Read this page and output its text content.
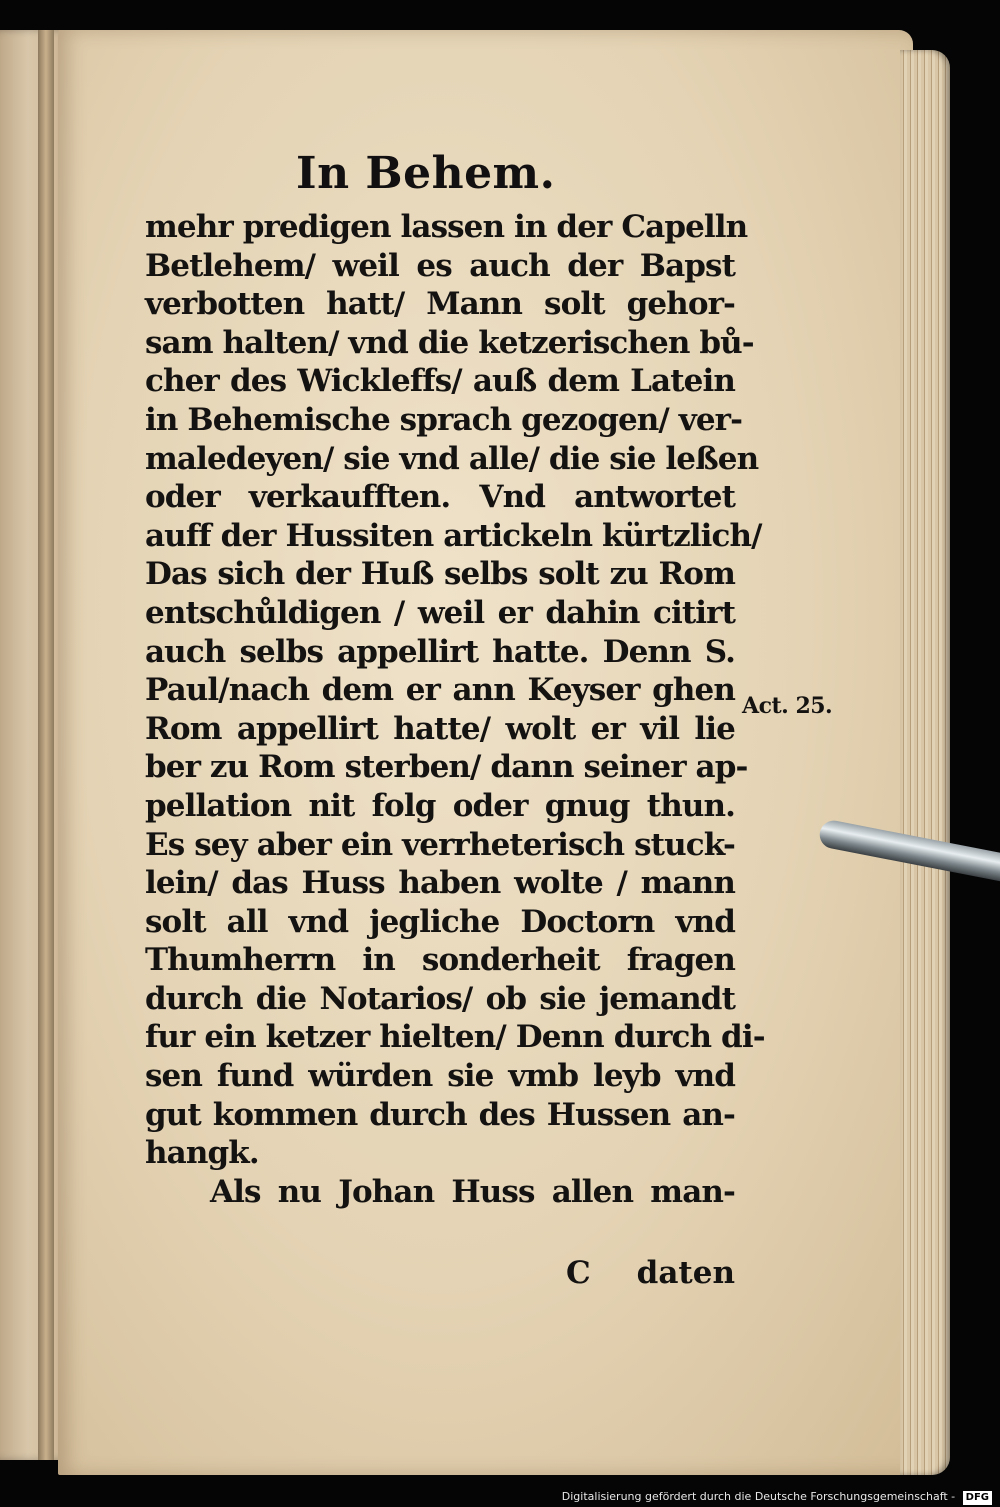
In Behem.
mehr predigen lassen in der Capelln
Betlehem/ weil es auch der Bapst
verbotten hatt/ Mann solt gehor-
sam halten/ vnd die ketzerischen bů-
cher des Wickleffs/ auß dem Latein
in Behemische sprach gezogen/ ver-
maledeyen/ sie vnd alle/ die sie leßen
oder verkaufften. Vnd antwortet
auff der Hussiten artickeln kürtzlich/
Das sich der Huß selbs solt zu Rom
entschůldigen / weil er dahin citirt
auch selbs appellirt hatte. Denn S.
Paul/nach dem er ann Keyser ghen
Rom appellirt hatte/ wolt er vil lie
ber zu Rom sterben/ dann seiner ap-
pellation nit folg oder gnug thun.
Es sey aber ein verrheterisch stuck-
lein/ das Huss haben wolte / mann
solt all vnd jegliche Doctorn vnd
Thumherrn in sonderheit fragen
durch die Notarios/ ob sie jemandt
fur ein ketzer hielten/ Denn durch di-
sen fund würden sie vmb leyb vnd
gut kommen durch des Hussen an-
hangk.
Als nu Johan Huss allen man-
C daten
Act. 25.
Digitalisierung gefördert durch die Deutsche Forschungsgemeinschaft - DFG
